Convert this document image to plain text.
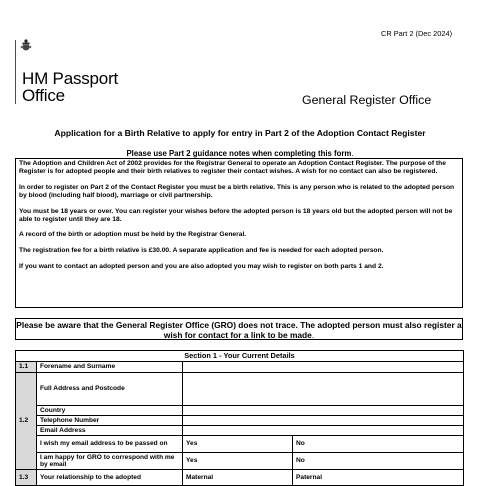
CR Part 2 (Dec 2024)
HM Passport
Office	General Register Office
Application for a Birth Relative to apply for entry in Part 2 of the Adoption Contact Register
Please use Part 2 guidance notes when completing this form.

The Adoption and Children Act of 2002 provides for the Registrar General to operate an Adoption Contact Register. The purpose of the Register is for adopted people and their birth relatives to register their contact wishes. A wish for no contact can also be registered.

In order to register on Part 2 of the Contact Register you must be a birth relative. This is any person who is related to the adopted person by blood (including half blood), marriage or civil partnership.

You must be 18 years or over. You can register your wishes before the adopted person is 18 years old but the adopted person will not be able to register until they are 18.

A record of the birth or adoption must be held by the Registrar General.

The registration fee for a birth relative is £30.00. A separate application and fee is needed for each adopted person.

If you want to contact an adopted person and you are also adopted you may wish to register on both parts 1 and 2.

Please be aware that the General Register Office (GRO) does not trace. The adopted person must also register a wish for contact for a link to be made.
Section 1 - Your Current Details			
1.1	Forename and Surname		
1.2	Full Address and Postcode		
	Country		
	Telephone Number		
	Email Address		
	I wish my email address to be passed on	Yes	No
	I am happy for GRO to correspond with me by email	Yes	No
1.3	Your relationship to the adopted	Maternal	Paternal
